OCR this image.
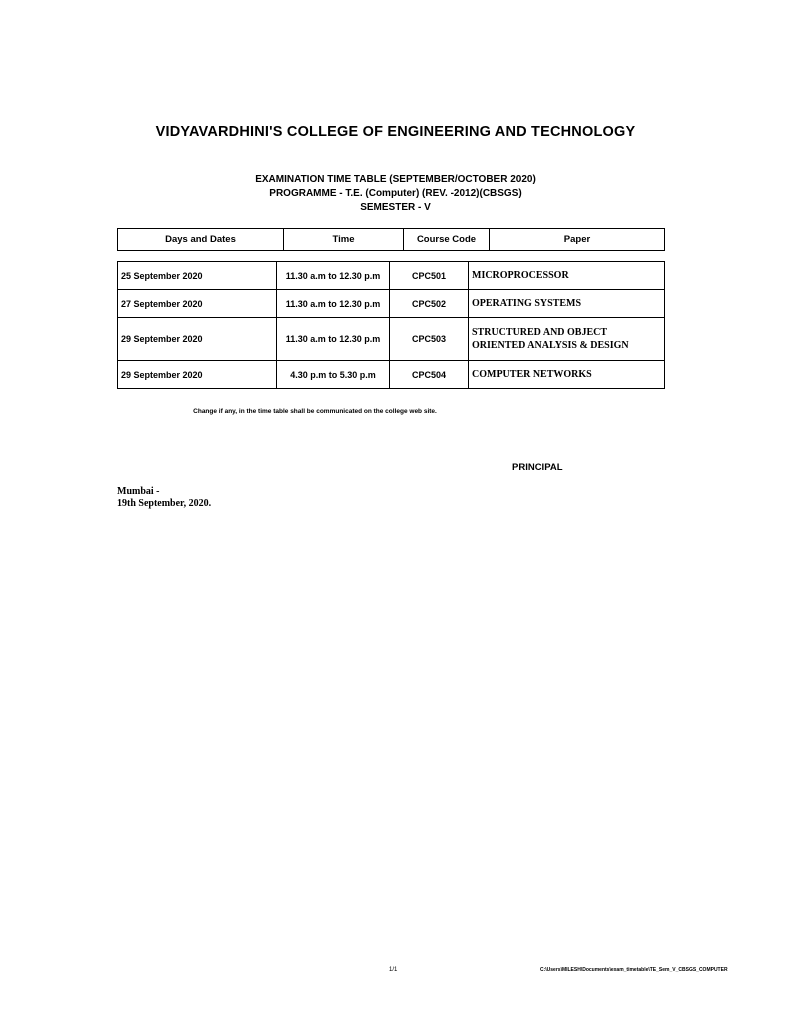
VIDYAVARDHINI'S COLLEGE OF ENGINEERING AND TECHNOLOGY
EXAMINATION TIME TABLE (SEPTEMBER/OCTOBER 2020)
PROGRAMME - T.E. (Computer) (REV. -2012)(CBSGS)
SEMESTER - V
Days and Dates	Time	Course Code	Paper
25 September 2020	11.30 a.m to 12.30 p.m	CPC501	MICROPROCESSOR
27 September 2020	11.30 a.m to 12.30 p.m	CPC502	OPERATING SYSTEMS
29 September 2020	11.30 a.m to 12.30 p.m	CPC503	STRUCTURED AND OBJECT ORIENTED ANALYSIS & DESIGN
29 September 2020	4.30 p.m to 5.30 p.m	CPC504	COMPUTER NETWORKS
Change if any, in the time table shall be communicated on the college web site.
PRINCIPAL
Mumbai -
19th September, 2020.
1/1	C:\Users\MILESH\Documents\exam_timetable\TE_Sem_V_CBSGS_COMPUTER
